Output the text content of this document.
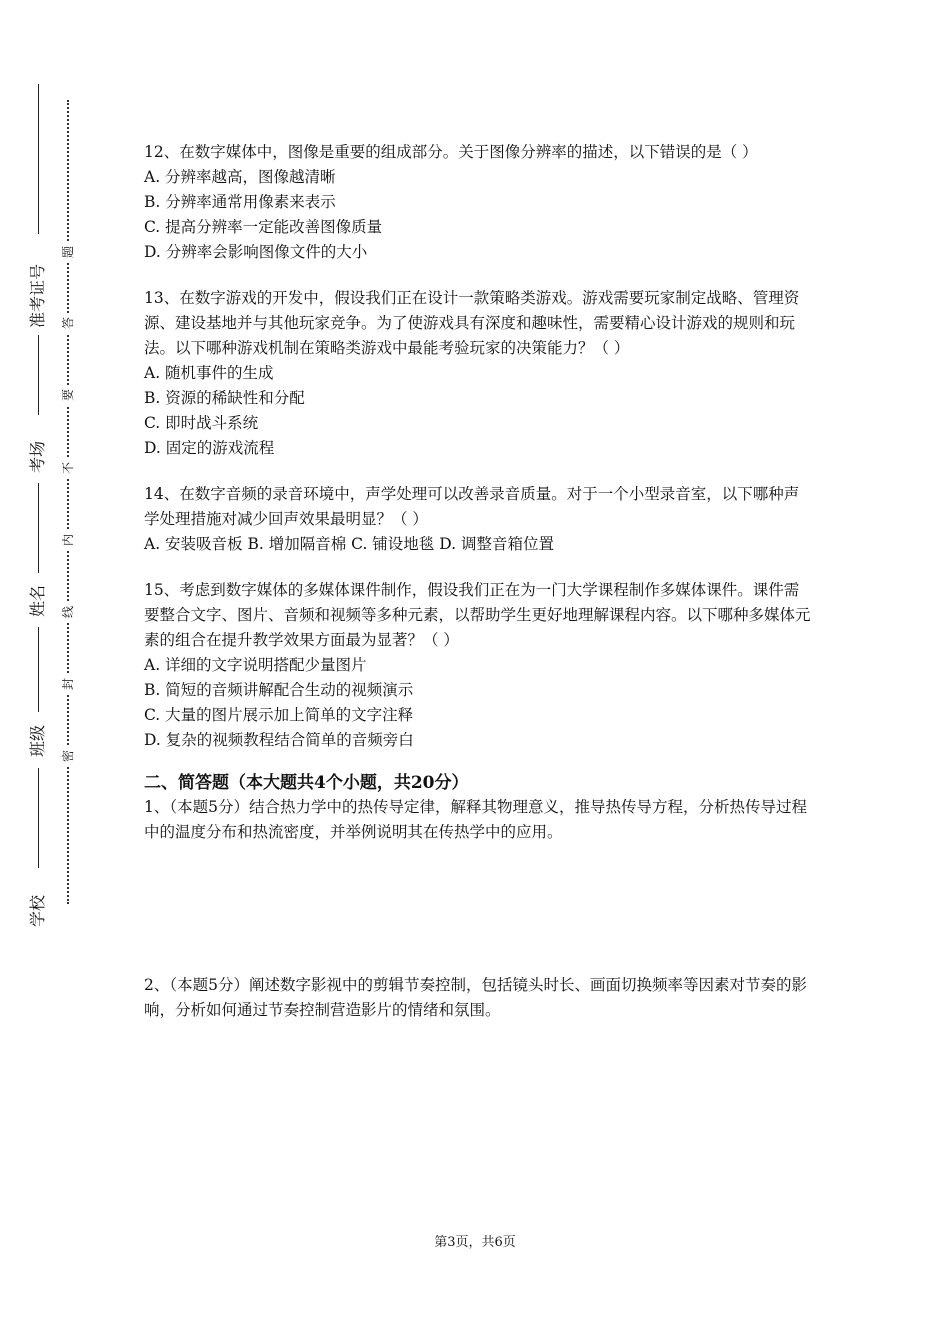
准考证号
考场
姓名
班级
学校
题
答
要
不
内
线
封
密

12、在数字媒体中，图像是重要的组成部分。关于图像分辨率的描述，以下错误的是（ ）

A. 分辨率越高，图像越清晰
B. 分辨率通常用像素来表示
C. 提高分辨率一定能改善图像质量
D. 分辨率会影响图像文件的大小

13、在数字游戏的开发中，假设我们正在设计一款策略类游戏。游戏需要玩家制定战略、管理资源、建设基地并与其他玩家竞争。为了使游戏具有深度和趣味性，需要精心设计游戏的规则和玩法。以下哪种游戏机制在策略类游戏中最能考验玩家的决策能力？（ ）

A. 随机事件的生成
B. 资源的稀缺性和分配
C. 即时战斗系统
D. 固定的游戏流程

14、在数字音频的录音环境中，声学处理可以改善录音质量。对于一个小型录音室，以下哪种声学处理措施对减少回声效果最明显？（ ）

A. 安装吸音板 B. 增加隔音棉 C. 铺设地毯 D. 调整音箱位置

15、考虑到数字媒体的多媒体课件制作，假设我们正在为一门大学课程制作多媒体课件。课件需要整合文字、图片、音频和视频等多种元素，以帮助学生更好地理解课程内容。以下哪种多媒体元素的组合在提升教学效果方面最为显著？（ ）

A. 详细的文字说明搭配少量图片
B. 简短的音频讲解配合生动的视频演示
C. 大量的图片展示加上简单的文字注释
D. 复杂的视频教程结合简单的音频旁白
二、简答题（本大题共4个小题，共20分）

1、（本题5分）结合热力学中的热传导定律，解释其物理意义，推导热传导方程，分析热传导过程中的温度分布和热流密度，并举例说明其在传热学中的应用。

2、（本题5分）阐述数字影视中的剪辑节奏控制，包括镜头时长、画面切换频率等因素对节奏的影响，分析如何通过节奏控制营造影片的情绪和氛围。

第3页，共6页
